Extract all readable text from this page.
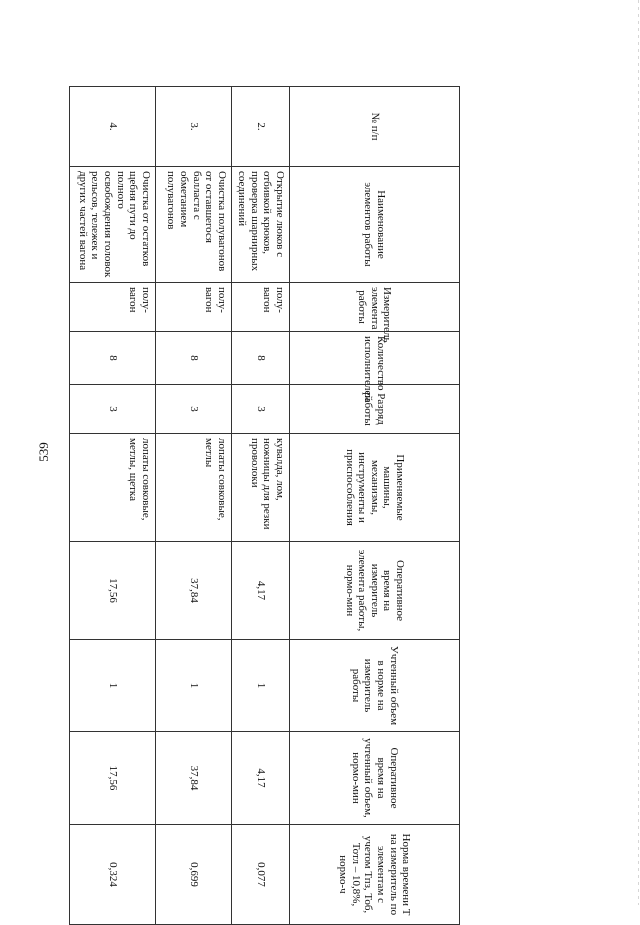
539
№ п/п	Наименование элементов работы	Измеритель элемента работы	Количество исполнителей	Разряд работы	Применяемые машины, механизмы, инструменты и приспособления	Оперативное время на измеритель элемента работы, нормо-мин	Учтенный объем в норме на измеритель работы	Оперативное время на учтенный объем, нормо-мин	Норма времени Т на измеритель по элементам с учетом Тпз, Тоб, Тотл – 10,8%, нормо-ч
2.	Открытие люков с отбивкой крюков, проверка шарнирных соединений	полу-вагон	8	3	кувалда, лом, ножницы для резки проволоки	4,17	1	4,17	0,077
3.	Очистка полувагонов от оставшегося балласта с обметанием полувагонов	полу-вагон	8	3	лопаты совковые, метлы	37,84	1	37,84	0,699
4.	Очистка от остатков щебня пути до полного освобождения головок рельсов, тележек и других частей вагона	полу-вагон	8	3	лопаты совковые, метлы, щетка	17,56	1	17,56	0,324
